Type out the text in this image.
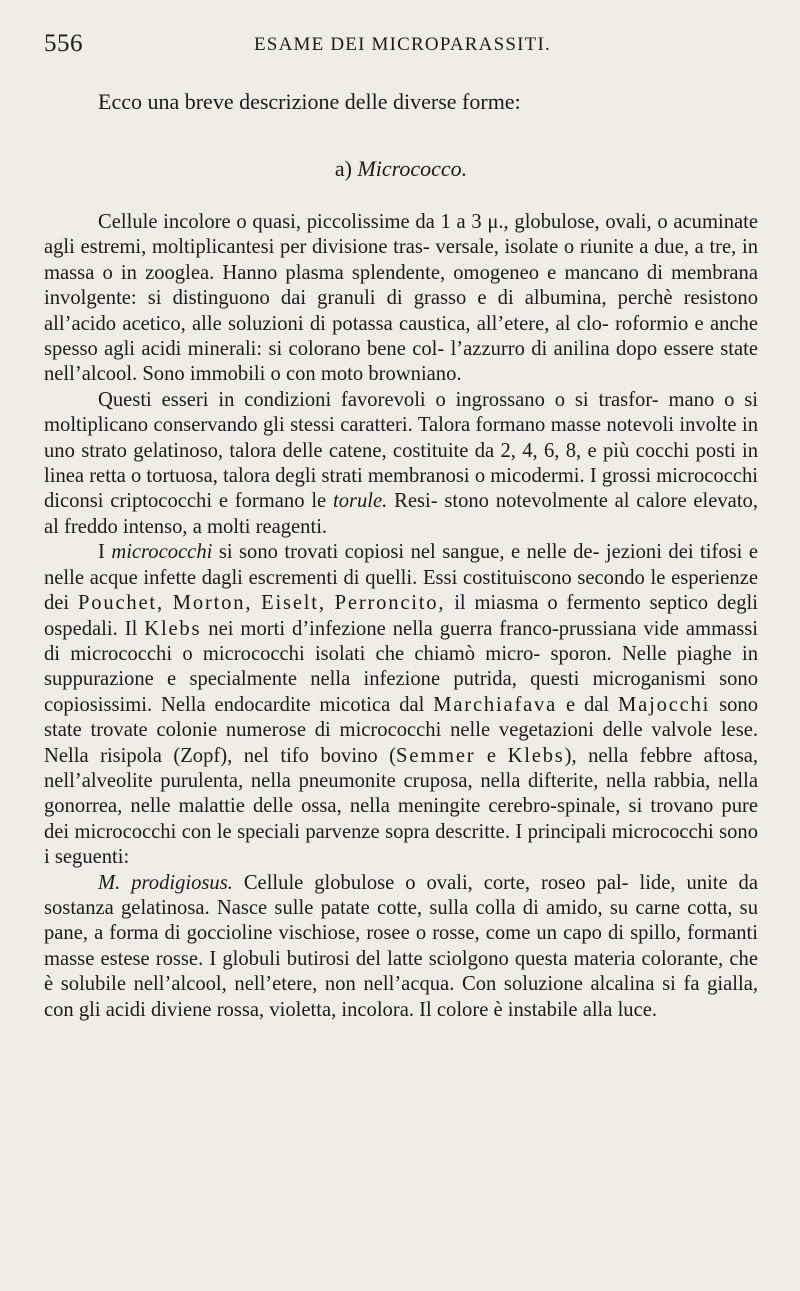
556	ESAME DEI MICROPARASSITI.
Ecco una breve descrizione delle diverse forme:
a) Micrococco.

Cellule incolore o quasi, piccolissime da 1 a 3 μ., globulose, ovali, o acuminate agli estremi, moltiplicantesi per divisione tras- versale, isolate o riunite a due, a tre, in massa o in zooglea. Hanno plasma splendente, omogeneo e mancano di membrana involgente: si distinguono dai granuli di grasso e di albumina, perchè resistono all’acido acetico, alle soluzioni di potassa caustica, all’etere, al clo- roformio e anche spesso agli acidi minerali: si colorano bene col- l’azzurro di anilina dopo essere state nell’alcool. Sono immobili o con moto browniano.

Questi esseri in condizioni favorevoli o ingrossano o si trasfor- mano o si moltiplicano conservando gli stessi caratteri. Talora formano masse notevoli involte in uno strato gelatinoso, talora delle catene, costituite da 2, 4, 6, 8, e più cocchi posti in linea retta o tortuosa, talora degli strati membranosi o micodermi. I grossi micrococchi diconsi criptococchi e formano le torule. Resi- stono notevolmente al calore elevato, al freddo intenso, a molti reagenti.

I micrococchi si sono trovati copiosi nel sangue, e nelle de- jezioni dei tifosi e nelle acque infette dagli escrementi di quelli. Essi costituiscono secondo le esperienze dei Pouchet, Morton, Eiselt, Perroncito, il miasma o fermento septico degli ospedali. Il Klebs nei morti d’infezione nella guerra franco-prussiana vide ammassi di micrococchi o micrococchi isolati che chiamò micro- sporon. Nelle piaghe in suppurazione e specialmente nella infezione putrida, questi microganismi sono copiosissimi. Nella endocardite micotica dal Marchiafava e dal Majocchi sono state trovate colonie numerose di micrococchi nelle vegetazioni delle valvole lese. Nella risipola (Zopf), nel tifo bovino (Semmer e Klebs), nella febbre aftosa, nell’alveolite purulenta, nella pneumonite cruposa, nella difterite, nella rabbia, nella gonorrea, nelle malattie delle ossa, nella meningite cerebro-spinale, si trovano pure dei micrococchi con le speciali parvenze sopra descritte. I principali micrococchi sono i seguenti:

M. prodigiosus. Cellule globulose o ovali, corte, roseo pal- lide, unite da sostanza gelatinosa. Nasce sulle patate cotte, sulla colla di amido, su carne cotta, su pane, a forma di goccioline vischiose, rosee o rosse, come un capo di spillo, formanti masse estese rosse. I globuli butirosi del latte sciolgono questa materia colorante, che è solubile nell’alcool, nell’etere, non nell’acqua. Con soluzione alcalina si fa gialla, con gli acidi diviene rossa, violetta, incolora. Il colore è instabile alla luce.
